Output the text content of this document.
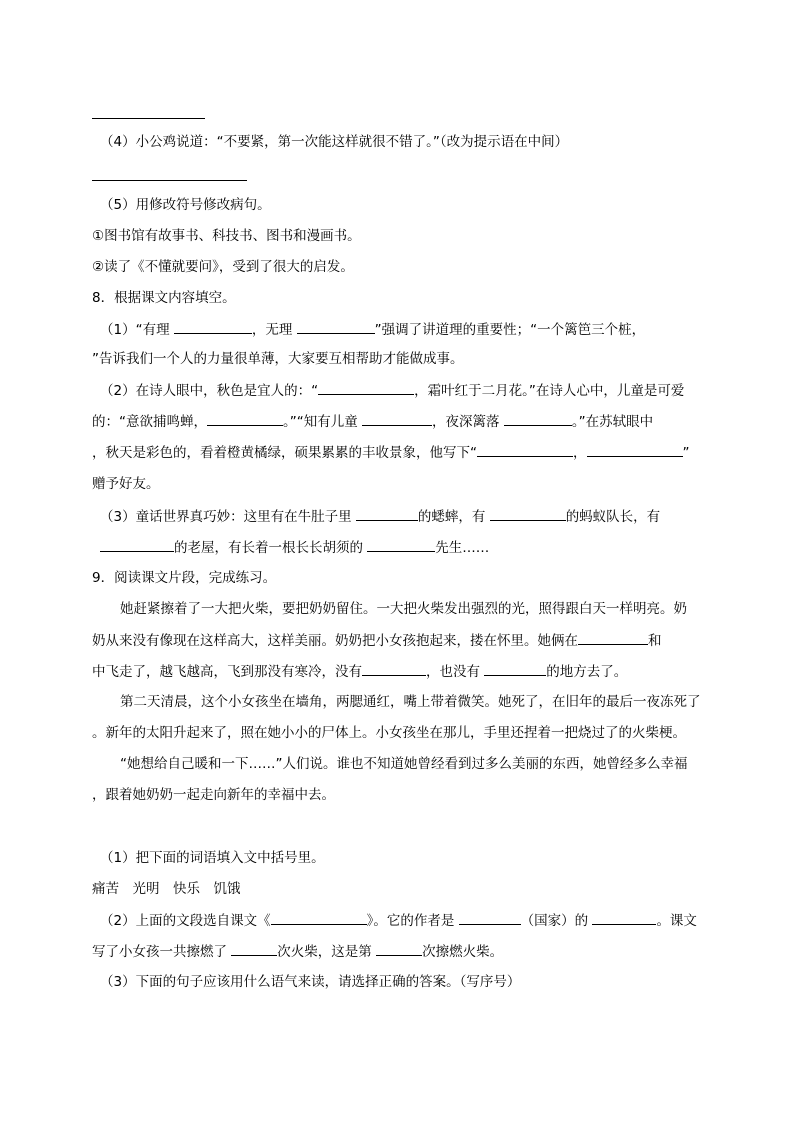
（4）小公鸡说道：“不要紧，第一次能这样就很不错了。”（改为提示语在中间）

（5）用修改符号修改病句。

①图书馆有故事书、科技书、图书和漫画书。

②读了《不懂就要问》，受到了很大的启发。

8．根据课文内容填空。

（1）“有理	，无理	”强调了讲道理的重要性；“一个篱笆三个桩，

”告诉我们一个人的力量很单薄，大家要互相帮助才能做成事。

（2）在诗人眼中，秋色是宜人的：“	，霜叶红于二月花。”在诗人心中，儿童是可爱

的：“意欲捕鸣蝉，	。”“知有儿童	，夜深篱落	。”在苏轼眼中

，秋天是彩色的，看着橙黄橘绿，硕果累累的丰收景象，他写下“	，	”

赠予好友。

（3）童话世界真巧妙：这里有在牛肚子里	的蟋蟀，有	的蚂蚁队长，有

的老屋，有长着一根长长胡须的	先生……

9．阅读课文片段，完成练习。

她赶紧擦着了一大把火柴，要把奶奶留住。一大把火柴发出强烈的光，照得跟白天一样明亮。奶

奶从来没有像现在这样高大，这样美丽。奶奶把小女孩抱起来，搂在怀里。她俩在	和

中飞走了，越飞越高，飞到那没有寒冷，没有	，也没有	的地方去了。

第二天清晨，这个小女孩坐在墙角，两腮通红，嘴上带着微笑。她死了，在旧年的最后一夜冻死了

。新年的太阳升起来了，照在她小小的尸体上。小女孩坐在那儿，手里还捏着一把烧过了的火柴梗。

“她想给自己暖和一下……”人们说。谁也不知道她曾经看到过多么美丽的东西，她曾经多么幸福

，跟着她奶奶一起走向新年的幸福中去。

（1）把下面的词语填入文中括号里。

痛苦　光明　快乐　饥饿

（2）上面的文段选自课文《	》。它的作者是	（国家）的	。课文

写了小女孩一共擦燃了	次火柴，这是第	次擦燃火柴。

（3）下面的句子应该用什么语气来读，请选择正确的答案。（写序号）
